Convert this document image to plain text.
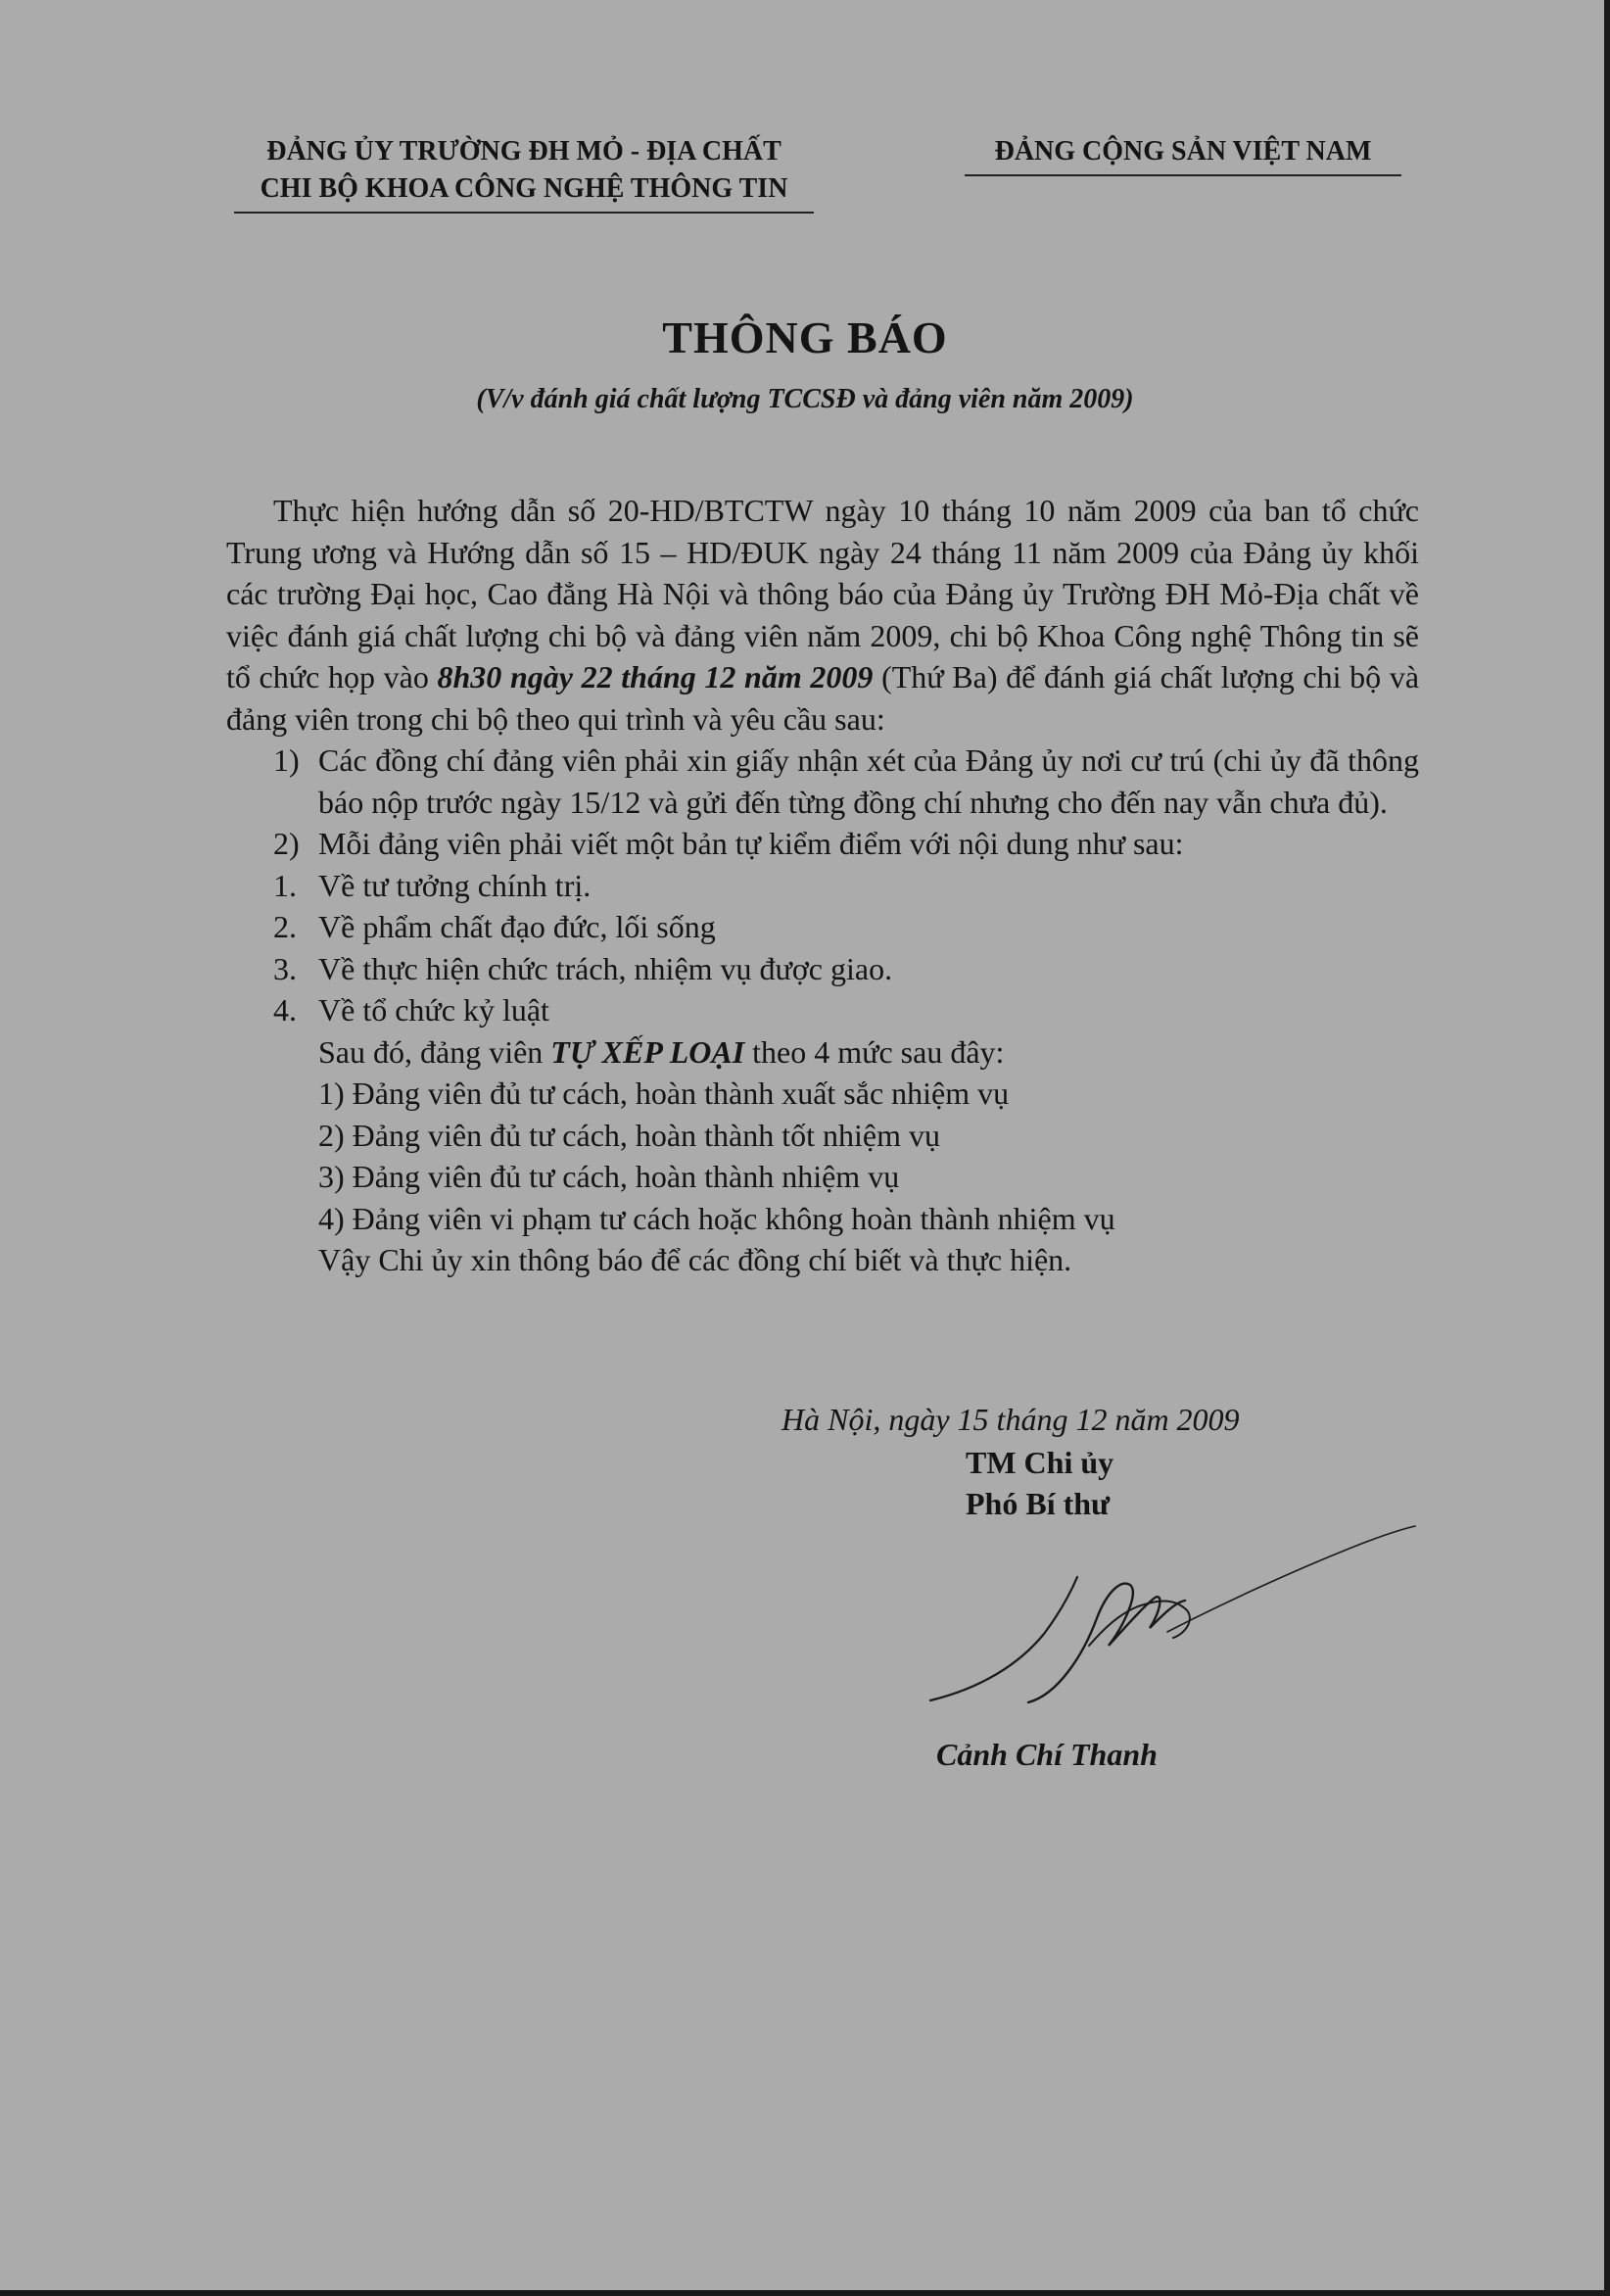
ĐẢNG ỦY TRƯỜNG ĐH MỎ - ĐỊA CHẤT
CHI BỘ KHOA CÔNG NGHỆ THÔNG TIN
ĐẢNG CỘNG SẢN VIỆT NAM
THÔNG BÁO
(V/v đánh giá chất lượng TCCSĐ và đảng viên năm 2009)

Thực hiện hướng dẫn số 20-HD/BTCTW ngày 10 tháng 10 năm 2009 của ban tổ chức Trung ương và Hướng dẫn số 15 – HD/ĐUK ngày 24 tháng 11 năm 2009 của Đảng ủy khối các trường Đại học, Cao đẳng Hà Nội và thông báo của Đảng ủy Trường ĐH Mỏ-Địa chất về việc đánh giá chất lượng chi bộ và đảng viên năm 2009, chi bộ Khoa Công nghệ Thông tin sẽ tổ chức họp vào 8h30 ngày 22 tháng 12 năm 2009 (Thứ Ba) để đánh giá chất lượng chi bộ và đảng viên trong chi bộ theo qui trình và yêu cầu sau:

1) Các đồng chí đảng viên phải xin giấy nhận xét của Đảng ủy nơi cư trú (chi ủy đã thông báo nộp trước ngày 15/12 và gửi đến từng đồng chí nhưng cho đến nay vẫn chưa đủ).

2) Mỗi đảng viên phải viết một bản tự kiểm điểm với nội dung như sau:

1. Về tư tưởng chính trị.

2. Về phẩm chất đạo đức, lối sống

3. Về thực hiện chức trách, nhiệm vụ được giao.

4. Về tổ chức kỷ luật

Sau đó, đảng viên TỰ XẾP LOẠI theo 4 mức sau đây:

1) Đảng viên đủ tư cách, hoàn thành xuất sắc nhiệm vụ

2) Đảng viên đủ tư cách, hoàn thành tốt nhiệm vụ

3) Đảng viên đủ tư cách, hoàn thành nhiệm vụ

4) Đảng viên vi phạm tư cách hoặc không hoàn thành nhiệm vụ

Vậy Chi ủy xin thông báo để các đồng chí biết và thực hiện.

Hà Nội, ngày 15 tháng 12 năm 2009
TM Chi ủy
Phó Bí thư
Cảnh Chí Thanh
